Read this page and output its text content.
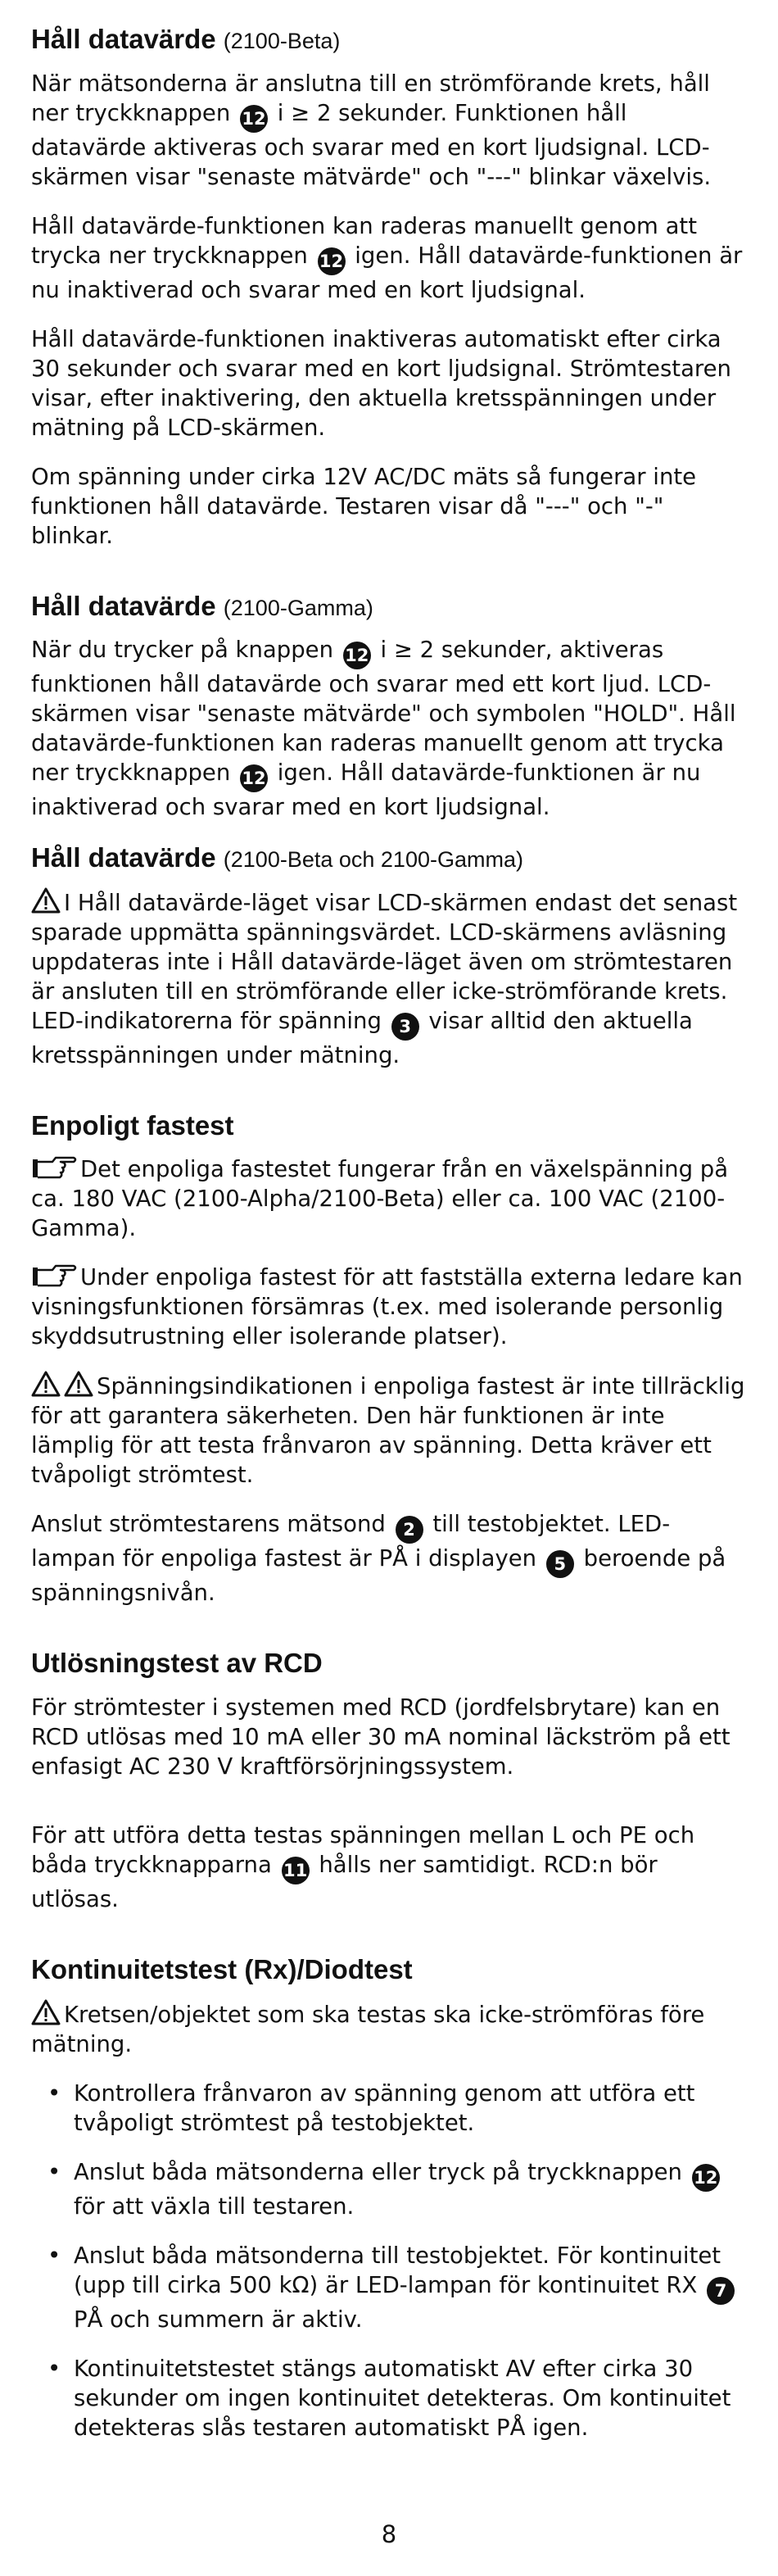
Håll datavärde (2100-Beta)

När mätsonderna är anslutna till en strömförande krets, håll ner tryckknappen 12 i ≥ 2 sekunder. Funktionen håll datavärde aktiveras och svarar med en kort ljudsignal. LCD-skärmen visar "senaste mätvärde" och "---" blinkar växelvis.

Håll datavärde-funktionen kan raderas manuellt genom att trycka ner tryckknappen 12 igen. Håll datavärde-funktionen är nu inaktiverad och svarar med en kort ljudsignal.

Håll datavärde-funktionen inaktiveras automatiskt efter cirka 30 sekunder och svarar med en kort ljudsignal. Strömtestaren visar, efter inaktivering, den aktuella kretsspänningen under mätning på LCD-skärmen.

Om spänning under cirka 12V AC/DC mäts så fungerar inte funktionen håll datavärde. Testaren visar då "---" och "-" blinkar.

Håll datavärde (2100-Gamma)

När du trycker på knappen 12 i ≥ 2 sekunder, aktiveras funktionen håll datavärde och svarar med ett kort ljud. LCD-skärmen visar "senaste mätvärde" och symbolen "HOLD". Håll datavärde-funktionen kan raderas manuellt genom att trycka ner tryckknappen 12 igen. Håll datavärde-funktionen är nu inaktiverad och svarar med en kort ljudsignal.

Håll datavärde (2100-Beta och 2100-Gamma)

I Håll datavärde-läget visar LCD-skärmen endast det senast sparade uppmätta spänningsvärdet. LCD-skärmens avläsning uppdateras inte i Håll datavärde-läget även om strömtestaren är ansluten till en strömförande eller icke-strömförande krets. LED-indikatorerna för spänning 3 visar alltid den aktuella kretsspänningen under mätning.

Enpoligt fastest

Det enpoliga fastestet fungerar från en växelspänning på ca. 180 VAC (2100-Alpha/2100-Beta) eller ca. 100 VAC (2100-Gamma).

Under enpoliga fastest för att fastställa externa ledare kan visningsfunktionen försämras (t.ex. med isolerande personlig skyddsutrustning eller isolerande platser).

Spänningsindikationen i enpoliga fastest är inte tillräcklig för att garantera säkerheten. Den här funktionen är inte lämplig för att testa frånvaron av spänning. Detta kräver ett tvåpoligt strömtest.

Anslut strömtestarens mätsond 2 till testobjektet. LED-lampan för enpoliga fastest är PÅ i displayen 5 beroende på spänningsnivån.

Utlösningstest av RCD

För strömtester i systemen med RCD (jordfelsbrytare) kan en RCD utlösas med 10 mA eller 30 mA nominal läckström på ett enfasigt AC 230 V kraftförsörjningssystem.

För att utföra detta testas spänningen mellan L och PE och båda tryckknapparna 11 hålls ner samtidigt. RCD:n bör utlösas.

Kontinuitetstest (Rx)/Diodtest

Kretsen/objektet som ska testas ska icke-strömföras före mätning.

• Kontrollera frånvaron av spänning genom att utföra ett tvåpoligt strömtest på testobjektet.
• Anslut båda mätsonderna eller tryck på tryckknappen 12 för att växla till testaren.
• Anslut båda mätsonderna till testobjektet. För kontinuitet (upp till cirka 500 kΩ) är LED-lampan för kontinuitet RX 7 PÅ och summern är aktiv.
• Kontinuitetstestet stängs automatiskt AV efter cirka 30 sekunder om ingen kontinuitet detekteras. Om kontinuitet detekteras slås testaren automatiskt PÅ igen.
8
